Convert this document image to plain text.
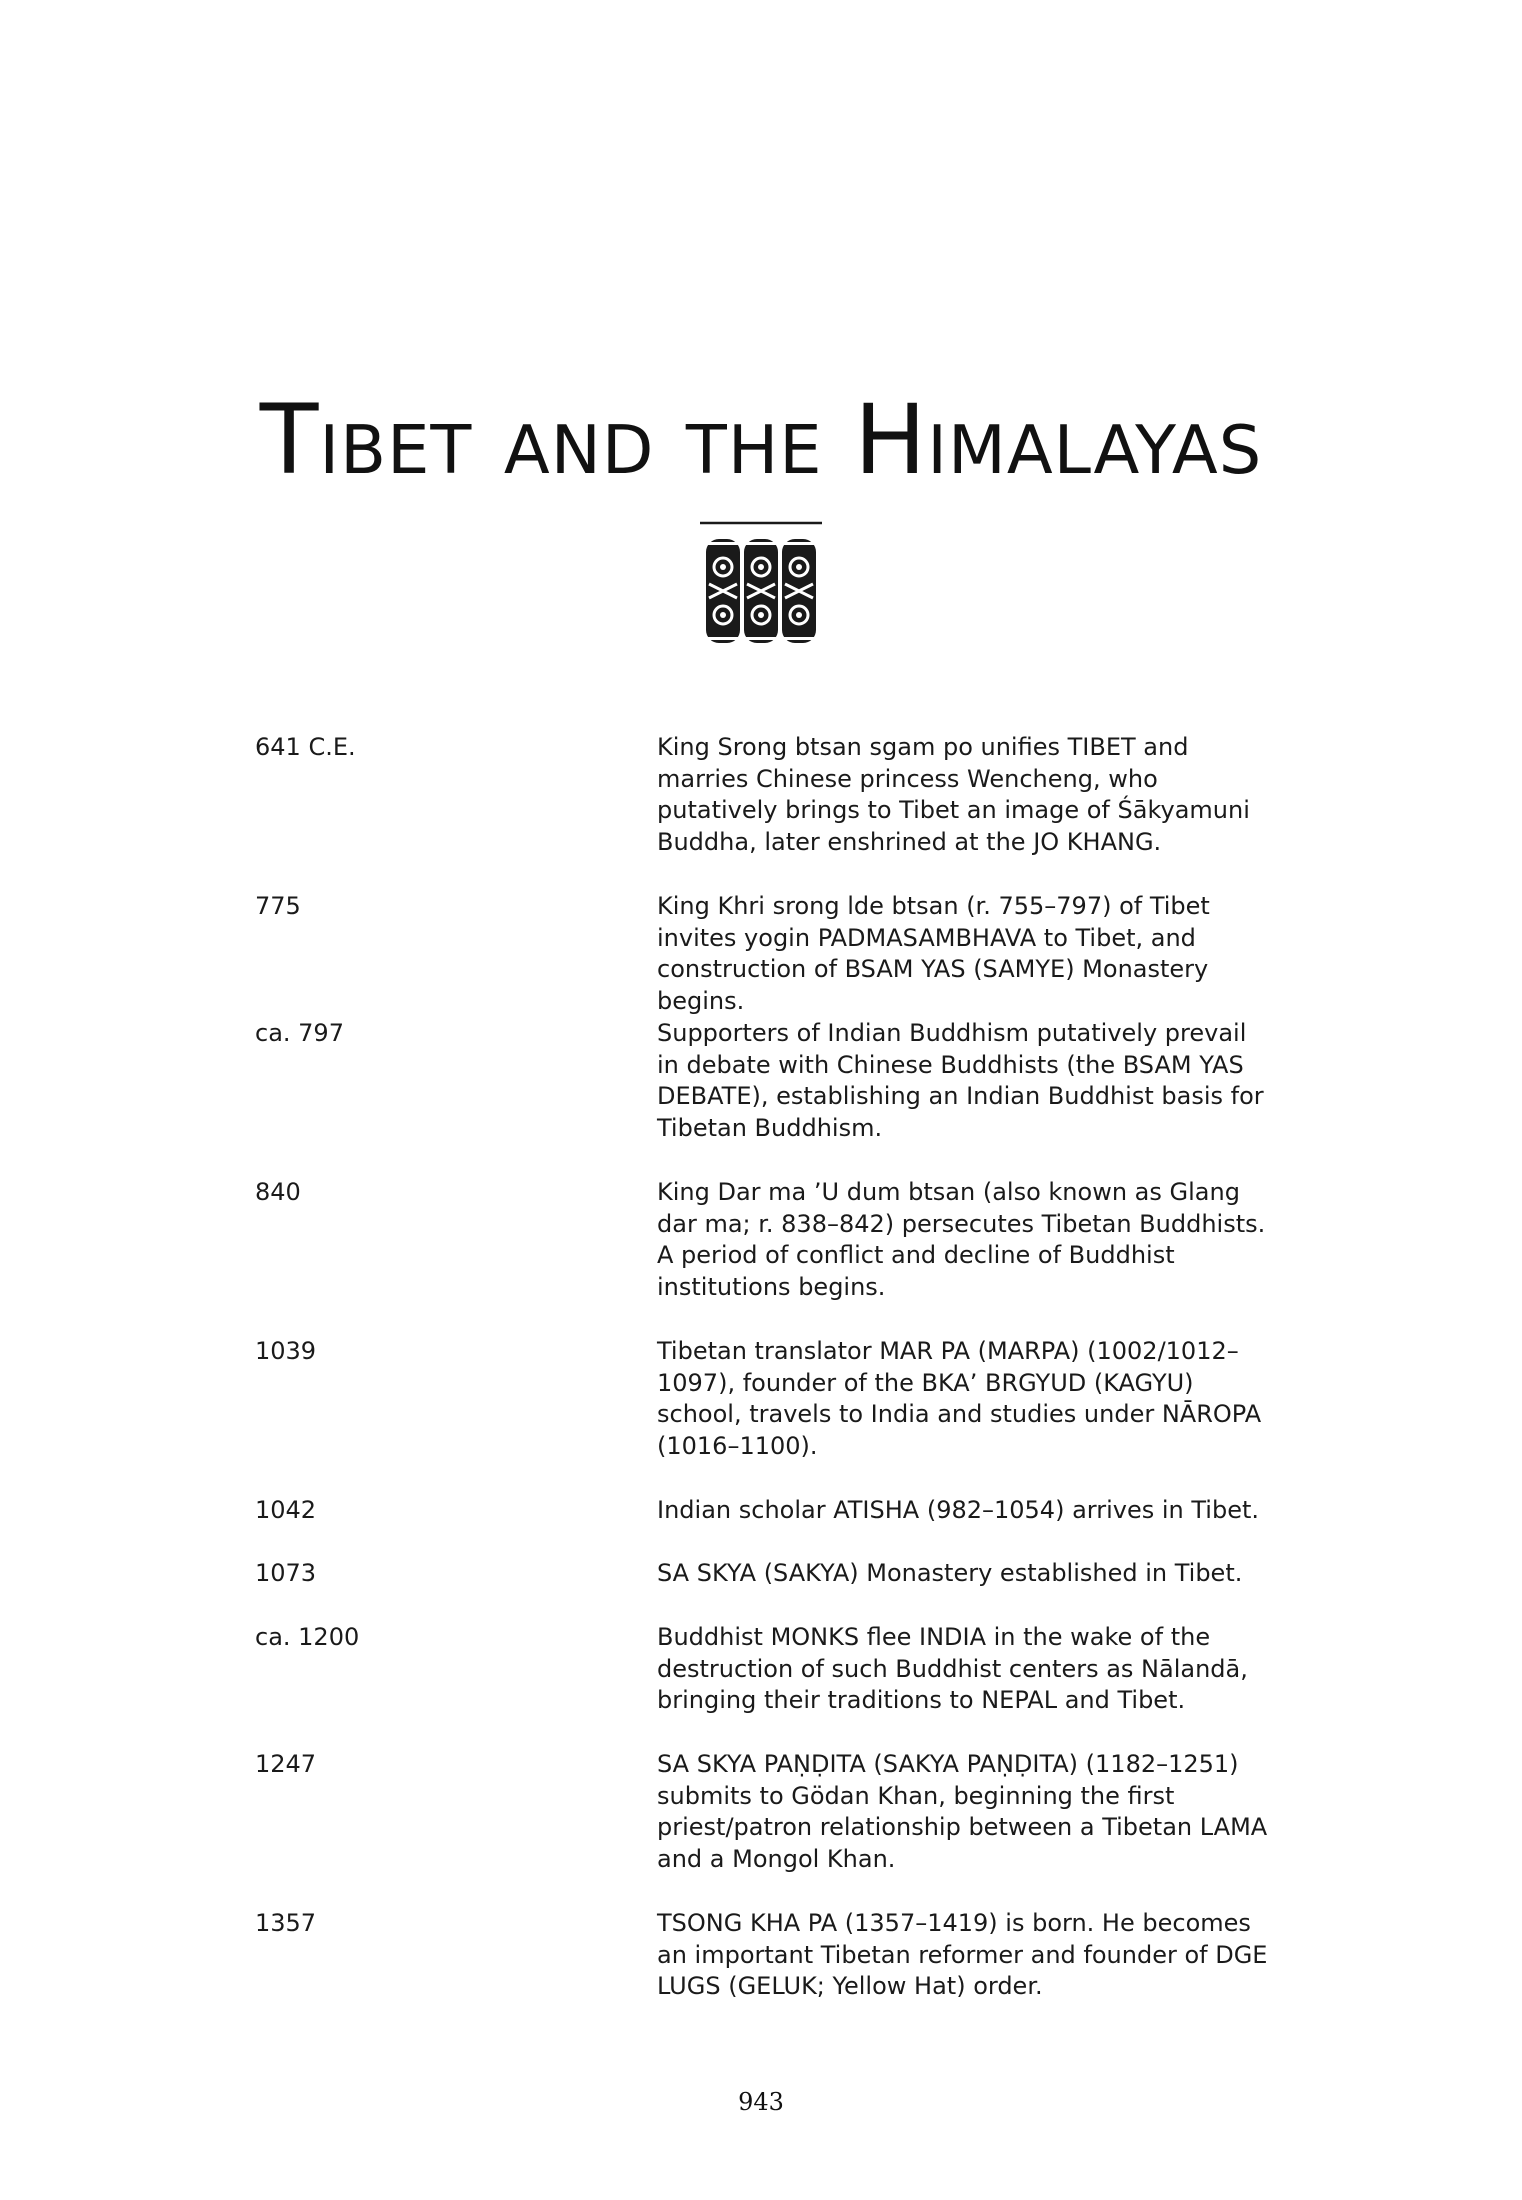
Tibet and the Himalayas
641 C.E.	King Srong btsan sgam po unifies TIBET and marries Chinese princess Wencheng, who putatively brings to Tibet an image of Śākyamuni Buddha, later enshrined at the JO KHANG.
775	King Khri srong lde btsan (r. 755–797) of Tibet invites yogin PADMASAMBHAVA to Tibet, and construction of BSAM YAS (SAMYE) Monastery begins.
ca. 797	Supporters of Indian Buddhism putatively prevail in debate with Chinese Buddhists (the BSAM YAS DEBATE), establishing an Indian Buddhist basis for Tibetan Buddhism.
840	King Dar ma ’U dum btsan (also known as Glang dar ma; r. 838–842) persecutes Tibetan Buddhists. A period of conflict and decline of Buddhist institutions begins.
1039	Tibetan translator MAR PA (MARPA) (1002/1012–1097), founder of the BKA’ BRGYUD (KAGYU) school, travels to India and studies under NĀROPA (1016–1100).
1042	Indian scholar ATISHA (982–1054) arrives in Tibet.
1073	SA SKYA (SAKYA) Monastery established in Tibet.
ca. 1200	Buddhist MONKS flee INDIA in the wake of the destruction of such Buddhist centers as Nālandā, bringing their traditions to NEPAL and Tibet.
1247	SA SKYA PAṆḌITA (SAKYA PAṆḌITA) (1182–1251) submits to Gödan Khan, beginning the first priest/patron relationship between a Tibetan LAMA and a Mongol Khan.
1357	TSONG KHA PA (1357–1419) is born. He becomes an important Tibetan reformer and founder of DGE LUGS (GELUK; Yellow Hat) order.
943
